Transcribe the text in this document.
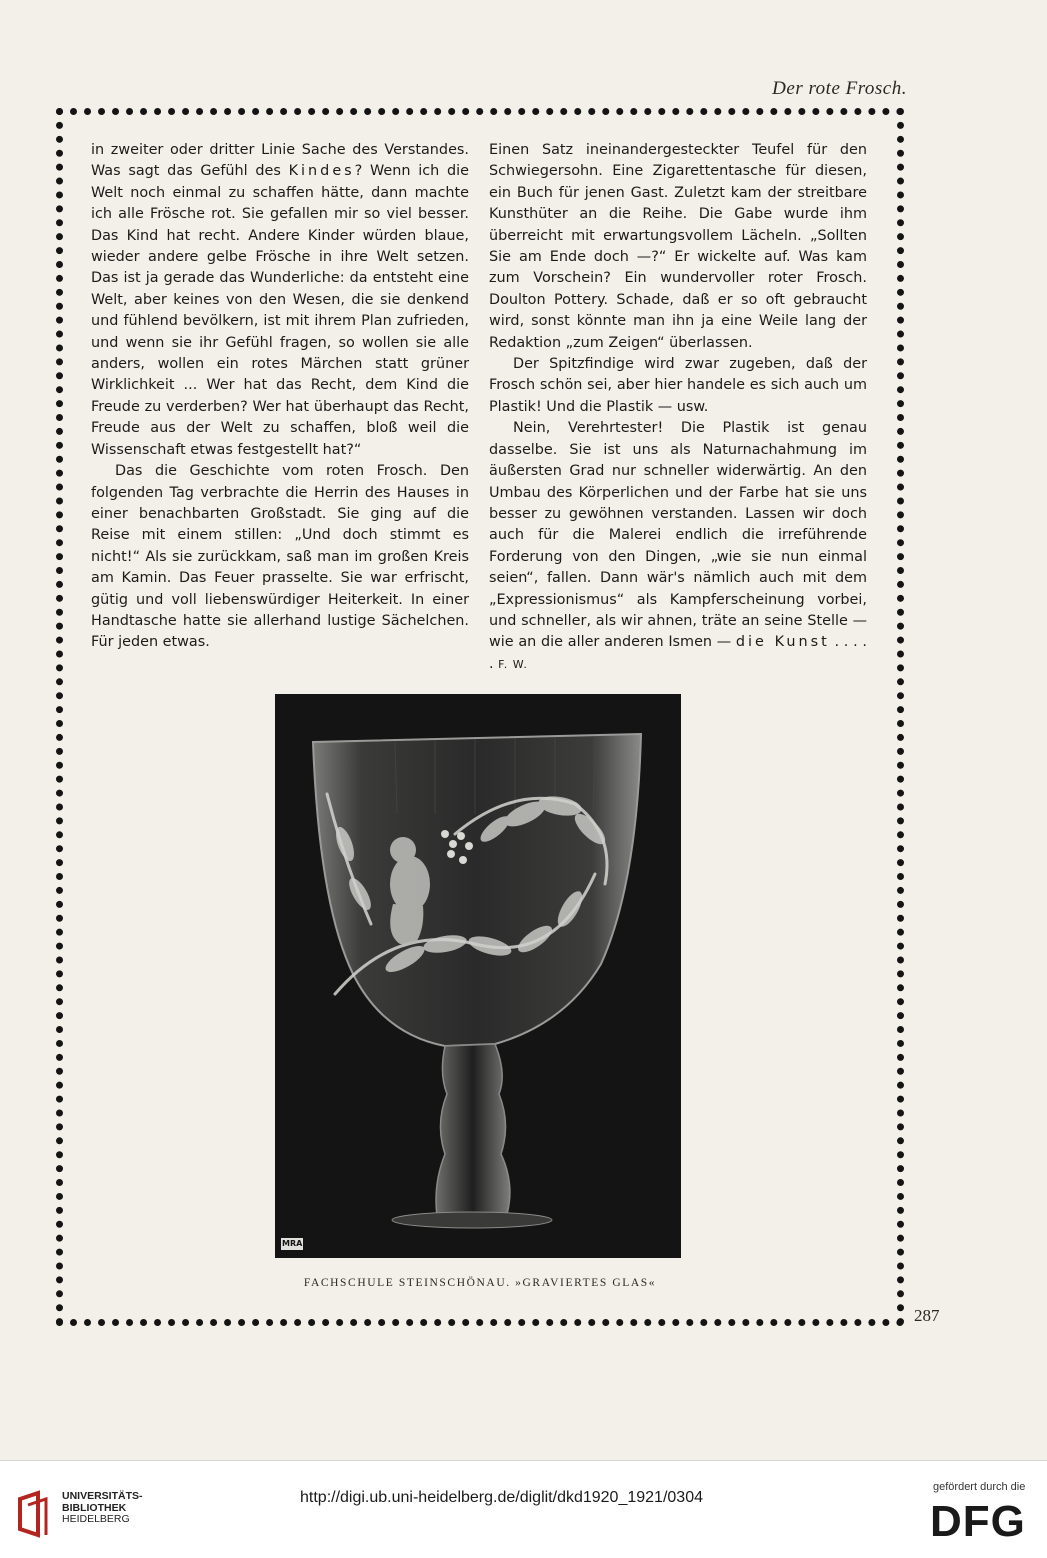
Der rote Frosch.

in zweiter oder dritter Linie Sache des Verstandes. Was sagt das Gefühl des Kindes? Wenn ich die Welt noch einmal zu schaffen hätte, dann machte ich alle Frösche rot. Sie gefallen mir so viel besser. Das Kind hat recht. Andere Kinder würden blaue, wieder andere gelbe Frösche in ihre Welt setzen. Das ist ja gerade das Wunderliche: da entsteht eine Welt, aber keines von den Wesen, die sie denkend und fühlend bevölkern, ist mit ihrem Plan zufrieden, und wenn sie ihr Gefühl fragen, so wollen sie alle anders, wollen ein rotes Märchen statt grüner Wirklichkeit ... Wer hat das Recht, dem Kind die Freude zu verderben? Wer hat überhaupt das Recht, Freude aus der Welt zu schaffen, bloß weil die Wissenschaft etwas festgestellt hat?“

Das die Geschichte vom roten Frosch. Den folgenden Tag verbrachte die Herrin des Hauses in einer benachbarten Großstadt. Sie ging auf die Reise mit einem stillen: „Und doch stimmt es nicht!“ Als sie zurückkam, saß man im großen Kreis am Kamin. Das Feuer prasselte. Sie war erfrischt, gütig und voll liebenswürdiger Heiterkeit. In einer Handtasche hatte sie allerhand lustige Sächelchen. Für jeden etwas.

Einen Satz ineinandergesteckter Teufel für den Schwiegersohn. Eine Zigarettentasche für diesen, ein Buch für jenen Gast. Zuletzt kam der streitbare Kunsthüter an die Reihe. Die Gabe wurde ihm überreicht mit erwartungsvollem Lächeln. „Sollten Sie am Ende doch —?“ Er wickelte auf. Was kam zum Vorschein? Ein wundervoller roter Frosch. Doulton Pottery. Schade, daß er so oft gebraucht wird, sonst könnte man ihn ja eine Weile lang der Redaktion „zum Zeigen“ überlassen.

Der Spitzfindige wird zwar zugeben, daß der Frosch schön sei, aber hier handele es sich auch um Plastik! Und die Plastik — usw.

Nein, Verehrtester! Die Plastik ist genau dasselbe. Sie ist uns als Naturnachahmung im äußersten Grad nur schneller widerwärtig. An den Umbau des Körperlichen und der Farbe hat sie uns besser zu gewöhnen verstanden. Lassen wir doch auch für die Malerei endlich die irreführende Forderung von den Dingen, „wie sie nun einmal seien“, fallen. Dann wär's nämlich auch mit dem „Expressionismus“ als Kampferscheinung vorbei, und schneller, als wir ahnen, träte an seine Stelle — wie an die aller anderen Ismen — die Kunst . . . . . F. W.

MRA
FACHSCHULE STEINSCHÖNAU. »GRAVIERTES GLAS«
287
UNIVERSITÄTS-
BIBLIOTHEK
HEIDELBERG
http://digi.ub.uni-heidelberg.de/diglit/dkd1920_1921/0304
gefördert durch die
DFG
